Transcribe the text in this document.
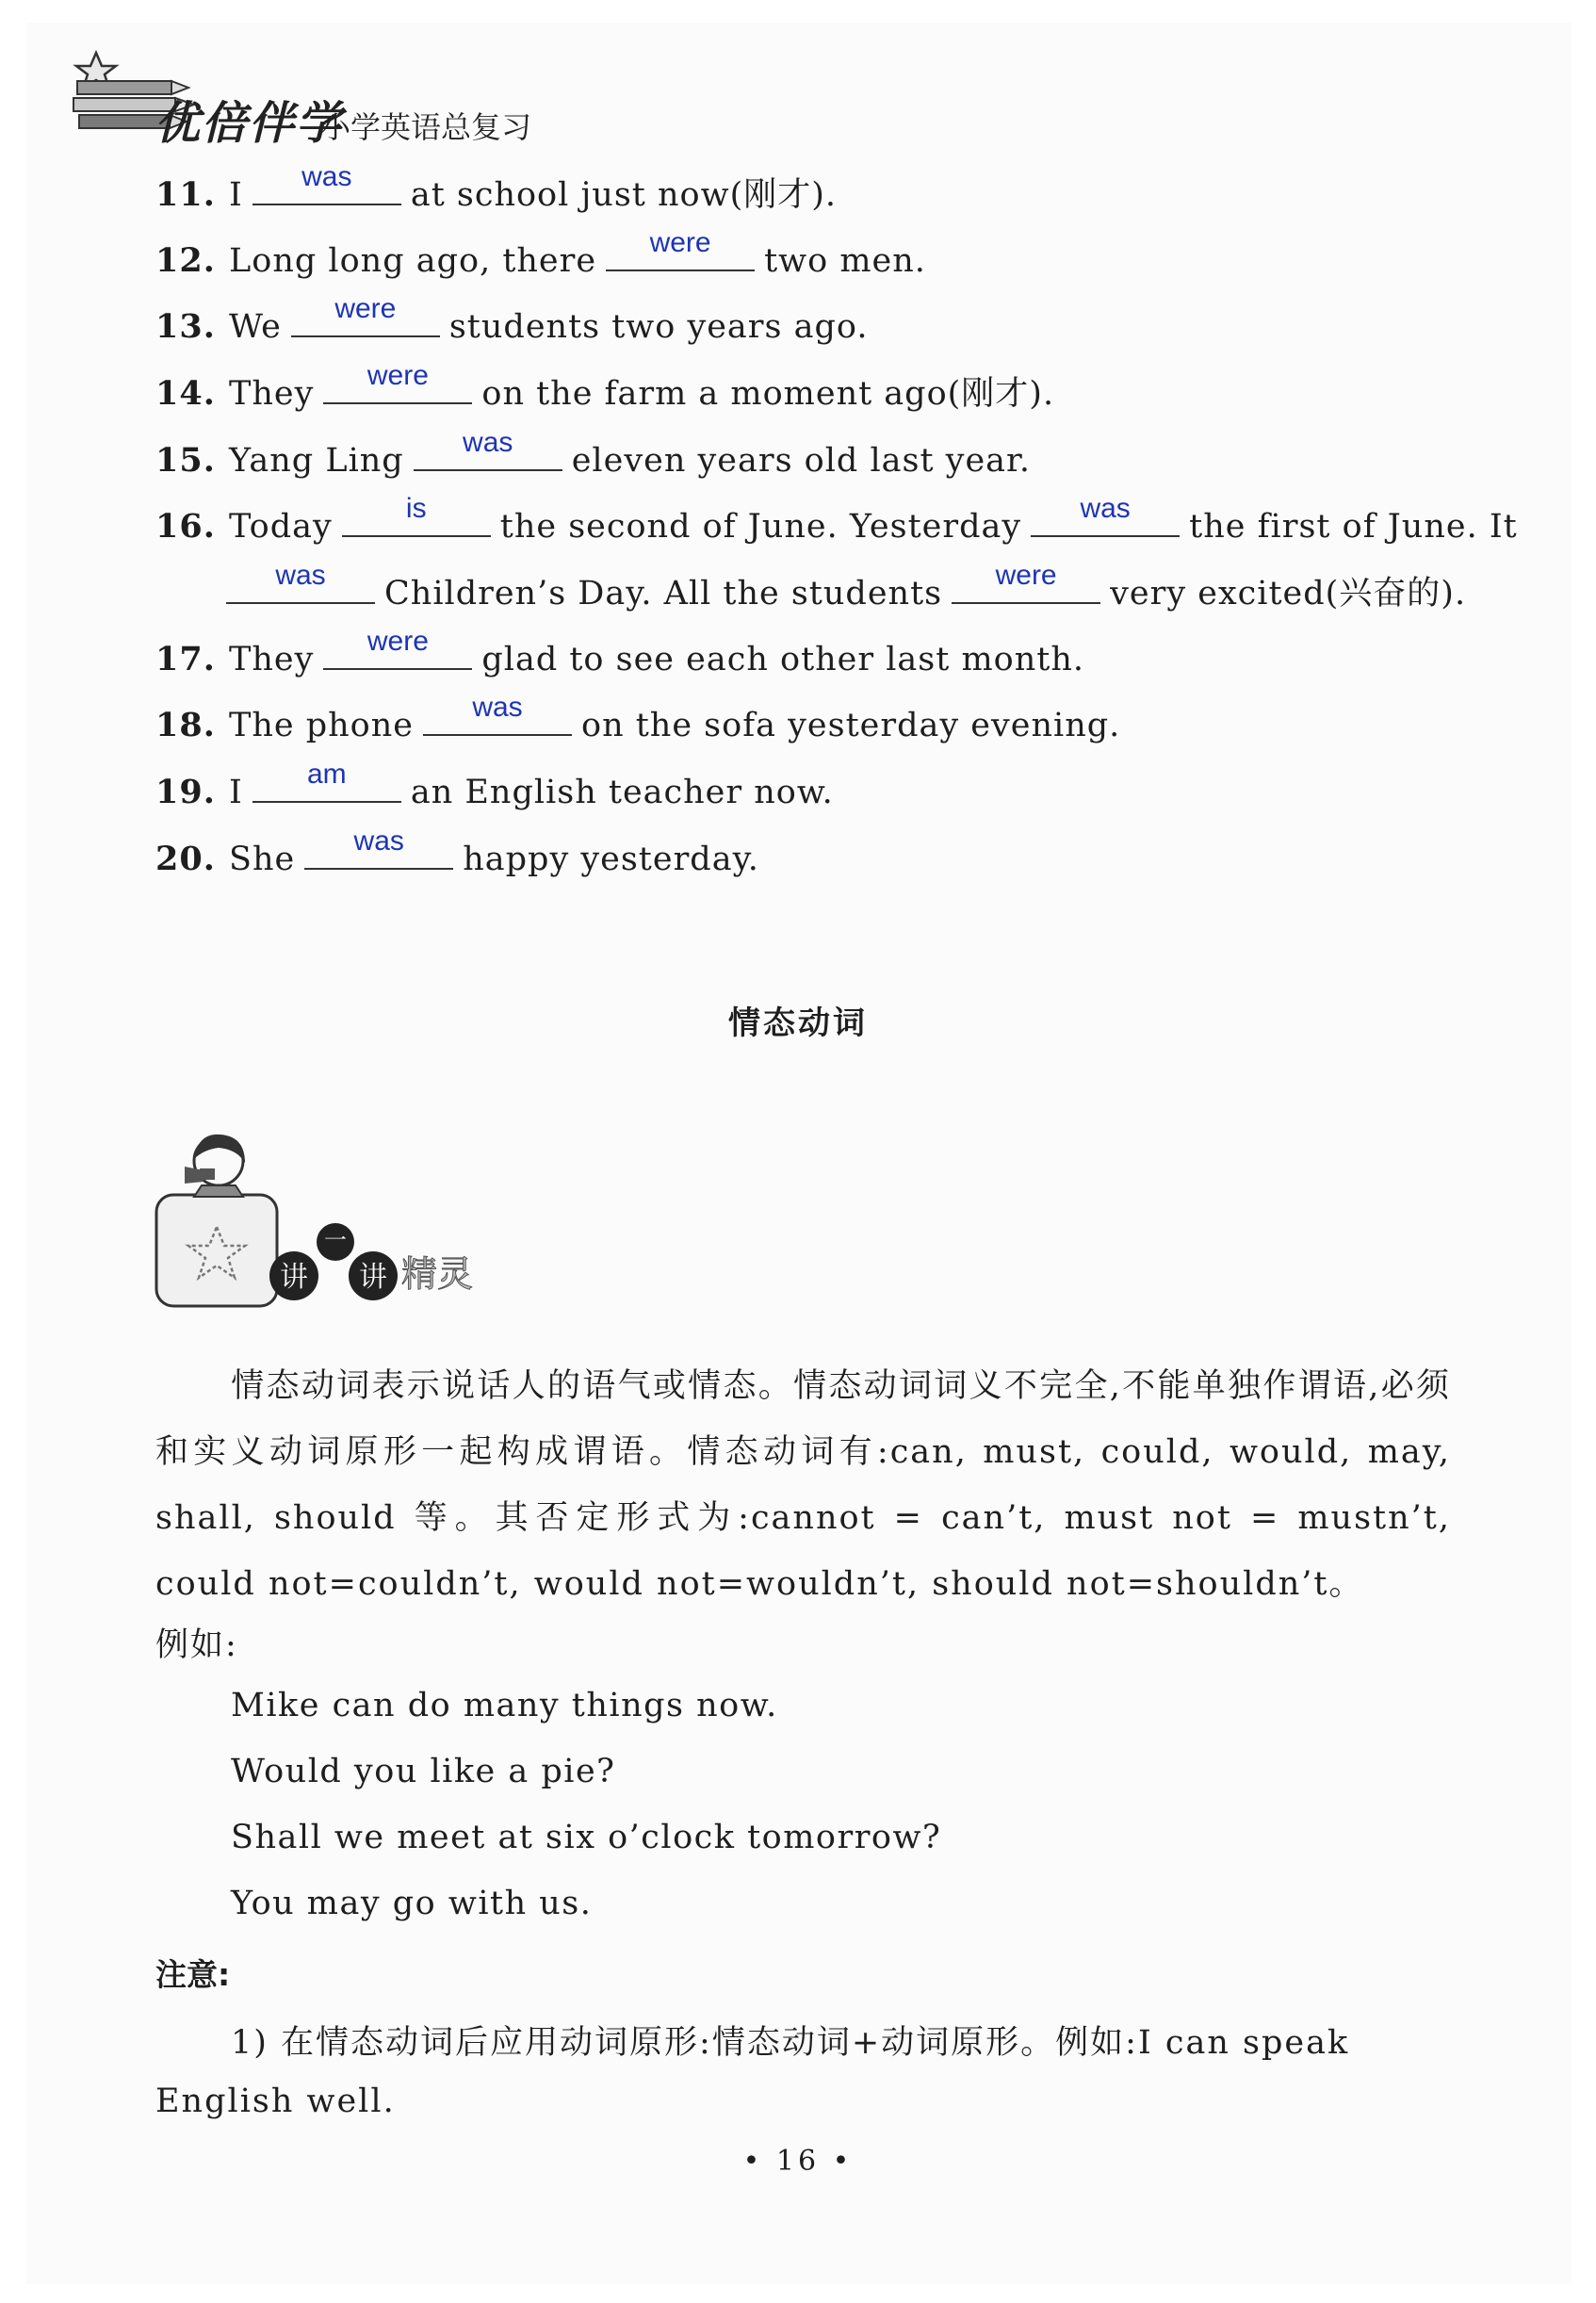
优倍伴学
小学英语总复习
11. I	was	at school just now(刚才).
12. Long long ago, there	were	two men.
13. We	were	students two years ago.
14. They	were	on the farm a moment ago(刚才).
15. Yang Ling	was	eleven years old last year.
16. Today	is	the second of June. Yesterday	was	the first of June. It
was	Children’s Day. All the students	were	very excited(兴奋的).
17. They	were	glad to see each other last month.
18. The phone	was	on the sofa yesterday evening.
19. I	am	an English teacher now.
20. She	was	happy yesterday.
情态动词
讲
一
讲 精灵
情态动词表示说话人的语气或情态。情态动词词义不完全,不能单独作谓语,必须和实义动词原形一起构成谓语。情态动词有:can, must, could, would, may, shall, should 等。其否定形式为:cannot = can’t, must not = mustn’t, could not=couldn’t, would not=wouldn’t, should not=shouldn’t。
例如:
Mike can do many things now.
Would you like a pie?
Shall we meet at six o’clock tomorrow?
You may go with us.
注意:
1) 在情态动词后应用动词原形:情态动词+动词原形。例如:I can speak
English well.
• 16 •
